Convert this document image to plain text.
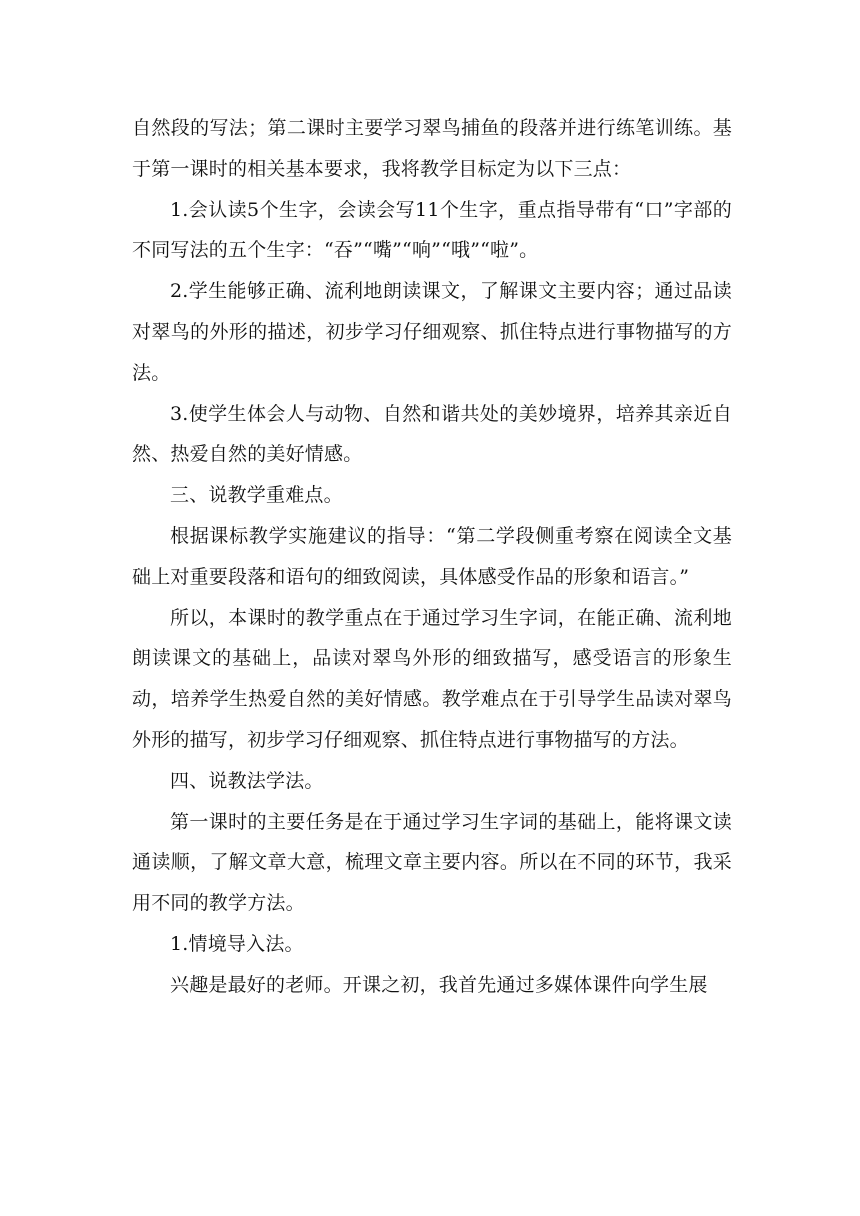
自然段的写法；第二课时主要学习翠鸟捕鱼的段落并进行练笔训练。基于第一课时的相关基本要求，我将教学目标定为以下三点：

1.会认读5个生字，会读会写11个生字，重点指导带有“口”字部的不同写法的五个生字：“吞”“嘴”“响”“哦”“啦”。

2.学生能够正确、流利地朗读课文，了解课文主要内容；通过品读对翠鸟的外形的描述，初步学习仔细观察、抓住特点进行事物描写的方法。

3.使学生体会人与动物、自然和谐共处的美妙境界，培养其亲近自然、热爱自然的美好情感。

三、说教学重难点。

根据课标教学实施建议的指导：“第二学段侧重考察在阅读全文基础上对重要段落和语句的细致阅读，具体感受作品的形象和语言。”

所以，本课时的教学重点在于通过学习生字词，在能正确、流利地朗读课文的基础上，品读对翠鸟外形的细致描写，感受语言的形象生动，培养学生热爱自然的美好情感。教学难点在于引导学生品读对翠鸟外形的描写，初步学习仔细观察、抓住特点进行事物描写的方法。

四、说教法学法。

第一课时的主要任务是在于通过学习生字词的基础上，能将课文读通读顺，了解文章大意，梳理文章主要内容。所以在不同的环节，我采用不同的教学方法。

1.情境导入法。

兴趣是最好的老师。开课之初，我首先通过多媒体课件向学生展
